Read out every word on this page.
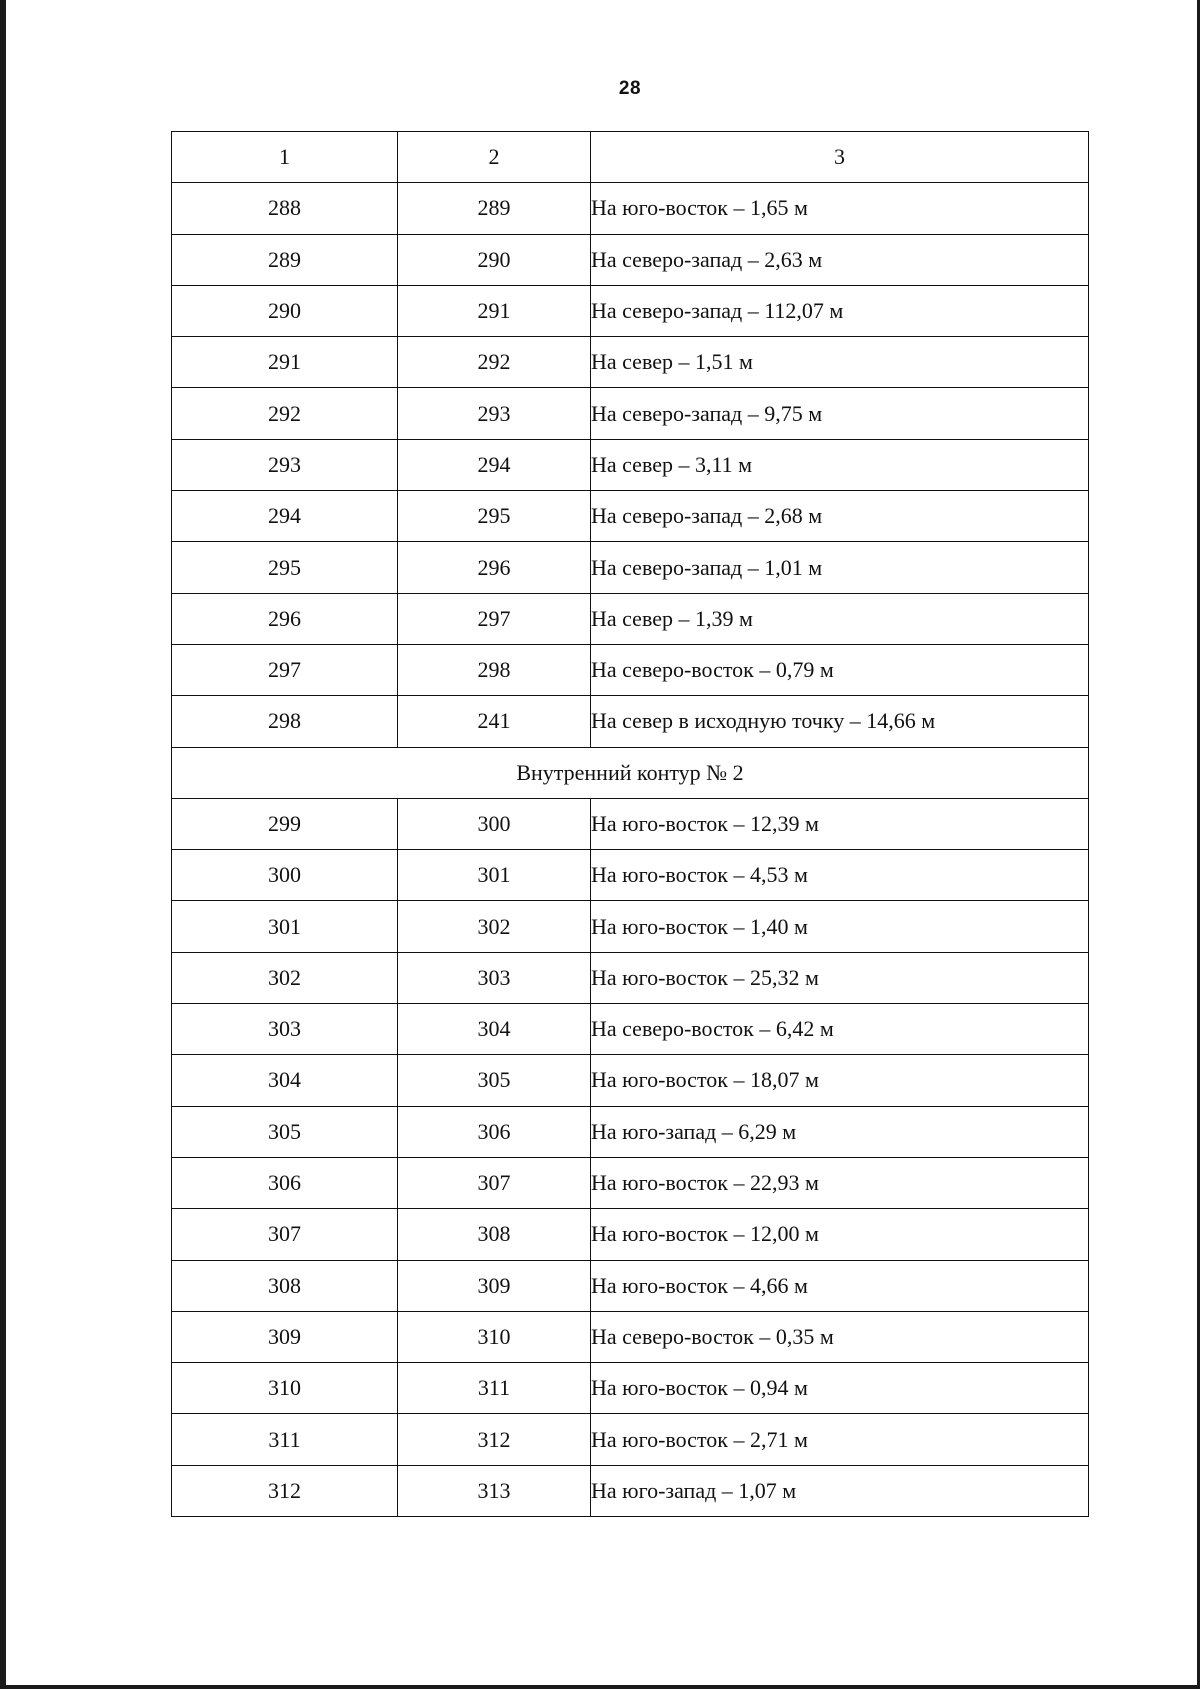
28
1	2	3
288	289	На юго-восток – 1,65 м
289	290	На северо-запад – 2,63 м
290	291	На северо-запад – 112,07 м
291	292	На север – 1,51 м
292	293	На северо-запад – 9,75 м
293	294	На север – 3,11 м
294	295	На северо-запад – 2,68 м
295	296	На северо-запад – 1,01 м
296	297	На север – 1,39 м
297	298	На северо-восток – 0,79 м
298	241	На север в исходную точку – 14,66 м
Внутренний контур № 2		
299	300	На юго-восток – 12,39 м
300	301	На юго-восток – 4,53 м
301	302	На юго-восток – 1,40 м
302	303	На юго-восток – 25,32 м
303	304	На северо-восток – 6,42 м
304	305	На юго-восток – 18,07 м
305	306	На юго-запад – 6,29 м
306	307	На юго-восток – 22,93 м
307	308	На юго-восток – 12,00 м
308	309	На юго-восток – 4,66 м
309	310	На северо-восток – 0,35 м
310	311	На юго-восток – 0,94 м
311	312	На юго-восток – 2,71 м
312	313	На юго-запад – 1,07 м
